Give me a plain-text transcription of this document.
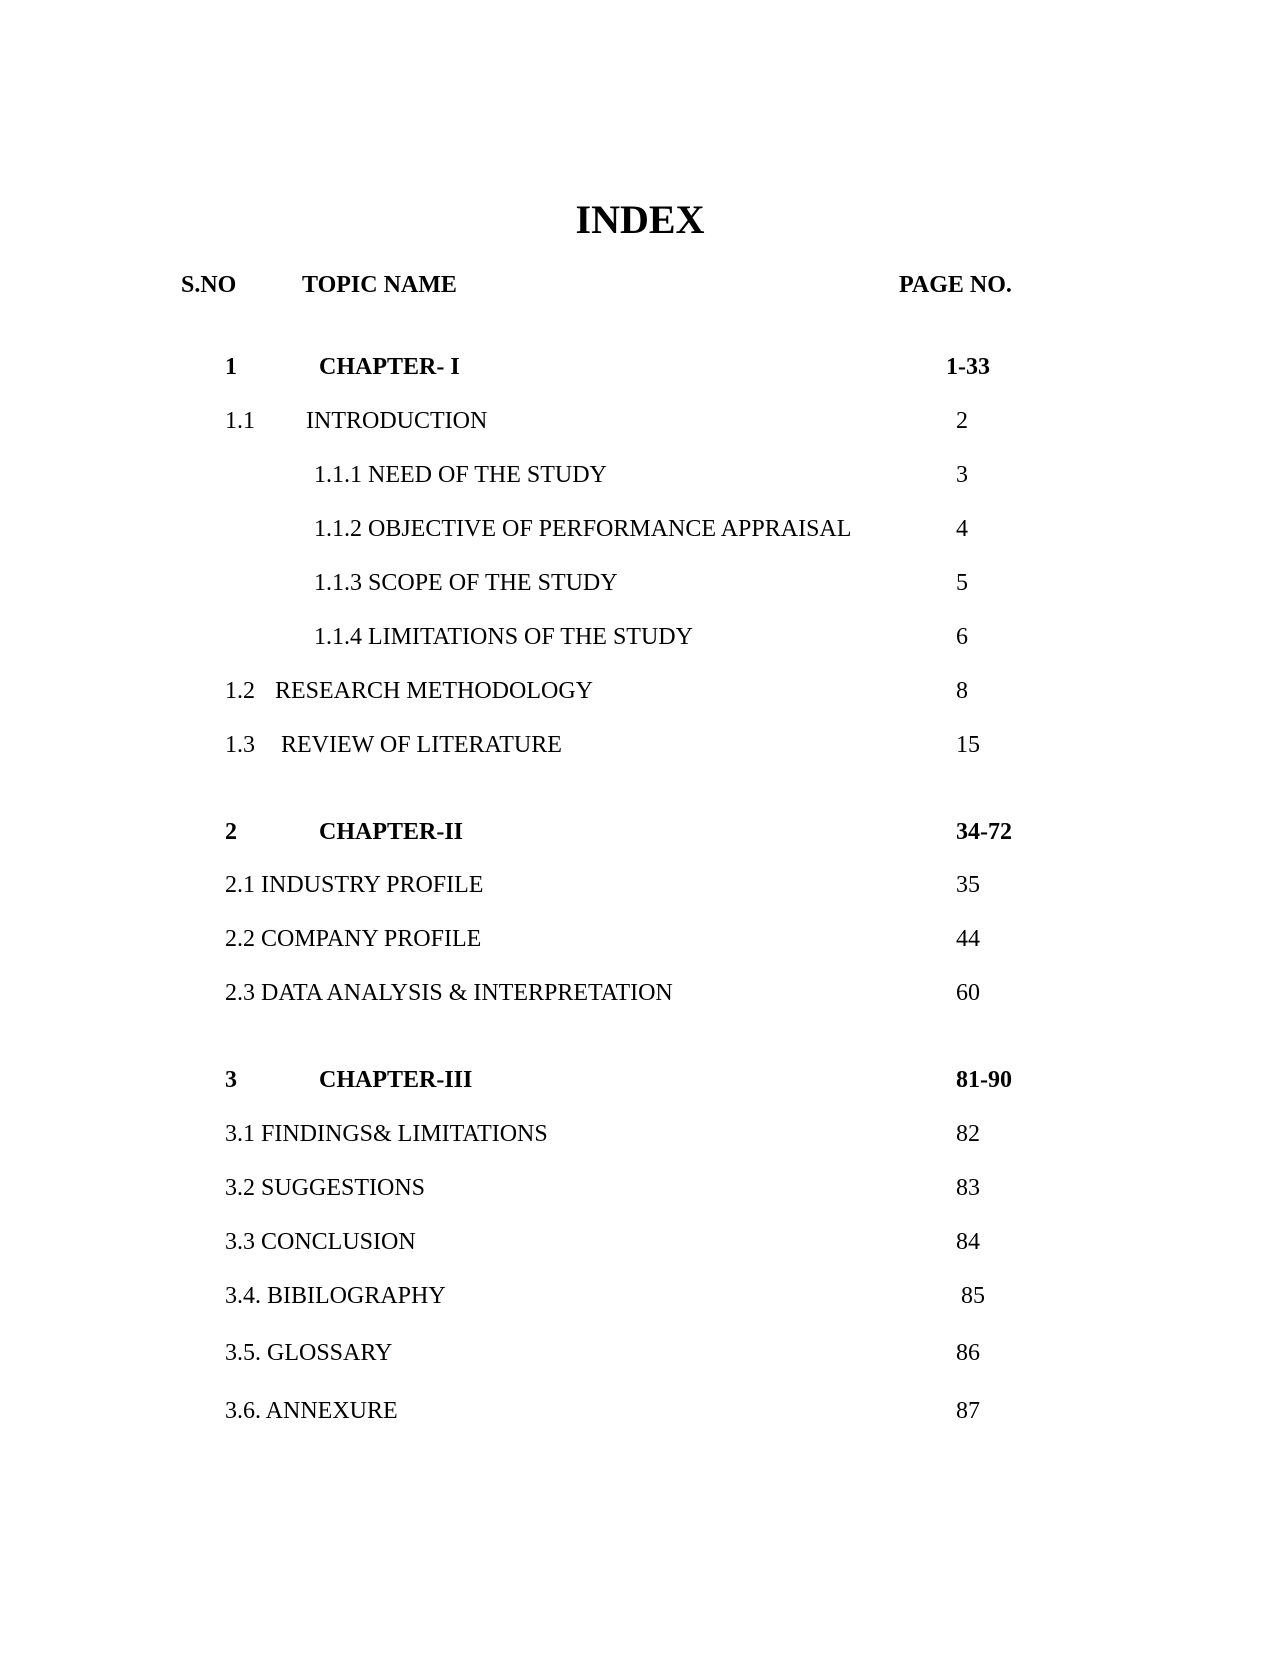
INDEX
S.NO	TOPIC NAME	PAGE NO.
1	CHAPTER- I	1-33
1.1 INTRODUCTION	2
1.1.1 NEED OF THE STUDY	3
1.1.2 OBJECTIVE OF PERFORMANCE APPRAISAL	4
1.1.3 SCOPE OF THE STUDY	5
1.1.4 LIMITATIONS OF THE STUDY	6
1.2 RESEARCH METHODOLOGY	8
1.3 REVIEW OF LITERATURE	15
2	CHAPTER-II	34-72
2.1 INDUSTRY PROFILE	35
2.2 COMPANY PROFILE	44
2.3 DATA ANALYSIS & INTERPRETATION	60
3	CHAPTER-III	81-90
3.1 FINDINGS& LIMITATIONS	82
3.2 SUGGESTIONS	83
3.3 CONCLUSION	84
3.4. BIBILOGRAPHY	85
3.5. GLOSSARY	86
3.6. ANNEXURE	87
